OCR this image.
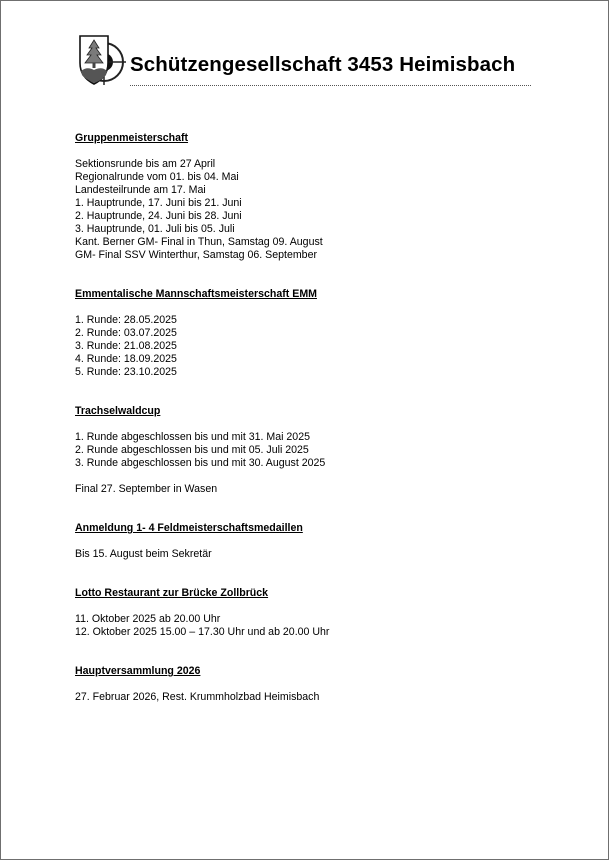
Schützengesellschaft 3453 Heimisbach
Gruppenmeisterschaft
Sektionsrunde bis am 27 April
Regionalrunde vom 01. bis 04. Mai
Landesteilrunde am 17. Mai
1. Hauptrunde, 17. Juni bis 21. Juni
2. Hauptrunde, 24. Juni bis 28. Juni
3. Hauptrunde, 01. Juli bis 05. Juli
Kant. Berner GM- Final in Thun, Samstag 09. August
GM- Final SSV Winterthur, Samstag 06. September
Emmentalische Mannschaftsmeisterschaft EMM
1. Runde: 28.05.2025
2. Runde: 03.07.2025
3. Runde: 21.08.2025
4. Runde: 18.09.2025
5. Runde: 23.10.2025
Trachselwaldcup
1. Runde abgeschlossen bis und mit 31. Mai 2025
2. Runde abgeschlossen bis und mit 05. Juli 2025
3. Runde abgeschlossen bis und mit 30. August 2025
Final 27. September in Wasen
Anmeldung 1- 4 Feldmeisterschaftsmedaillen
Bis 15. August beim Sekretär
Lotto Restaurant zur Brücke Zollbrück
11. Oktober 2025 ab 20.00 Uhr
12. Oktober 2025 15.00 – 17.30 Uhr und ab 20.00 Uhr
Hauptversammlung 2026
27. Februar 2026, Rest. Krummholzbad Heimisbach
